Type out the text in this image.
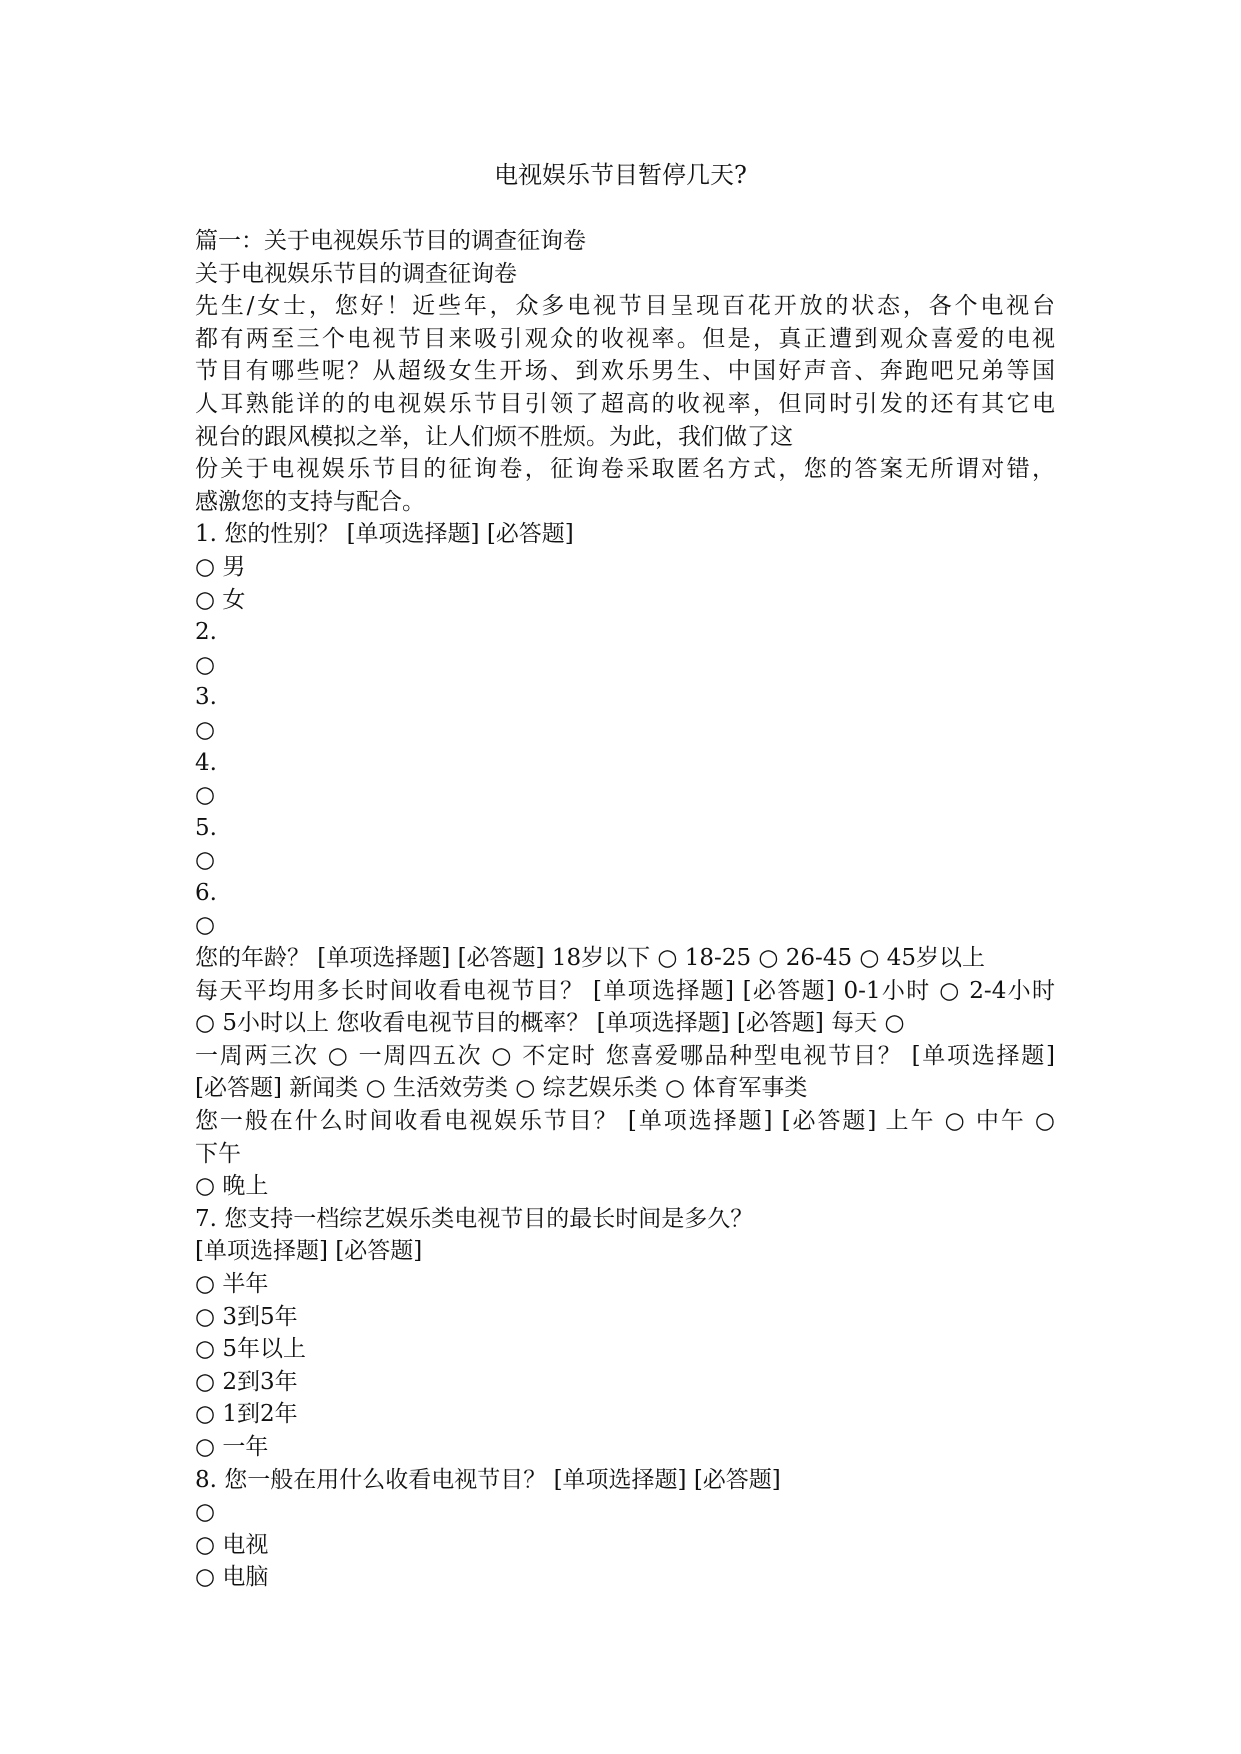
电视娱乐节目暂停几天?
篇一：关于电视娱乐节目的调查征询卷
关于电视娱乐节目的调查征询卷
先生/女士，您好！近些年，众多电视节目呈现百花开放的状态，各个电视台
都有两至三个电视节目来吸引观众的收视率。但是，真正遭到观众喜爱的电视
节目有哪些呢？从超级女生开场、到欢乐男生、中国好声音、奔跑吧兄弟等国
人耳熟能详的的电视娱乐节目引领了超高的收视率，但同时引发的还有其它电
视台的跟风模拟之举，让人们烦不胜烦。为此，我们做了这
份关于电视娱乐节目的征询卷，征询卷采取匿名方式，您的答案无所谓对错，
感激您的支持与配合。
1. 您的性别？ [单项选择题] [必答题]
○ 男
○ 女
2.
○
3.
○
4.
○
5.
○
6.
○
您的年龄？ [单项选择题] [必答题] 18岁以下 ○ 18-25 ○ 26-45 ○ 45岁以上
每天平均用多长时间收看电视节目？ [单项选择题] [必答题] 0-1小时 ○ 2-4小时
○ 5小时以上 您收看电视节目的概率？ [单项选择题] [必答题] 每天 ○
一周两三次 ○ 一周四五次 ○ 不定时 您喜爱哪品种型电视节目？ [单项选择题]
[必答题] 新闻类 ○ 生活效劳类 ○ 综艺娱乐类 ○ 体育军事类
您一般在什么时间收看电视娱乐节目？ [单项选择题] [必答题] 上午 ○ 中午 ○
下午
○ 晚上
7. 您支持一档综艺娱乐类电视节目的最长时间是多久？
[单项选择题] [必答题]
○ 半年
○ 3到5年
○ 5年以上
○ 2到3年
○ 1到2年
○ 一年
8. 您一般在用什么收看电视节目？ [单项选择题] [必答题]
○
○ 电视
○ 电脑
